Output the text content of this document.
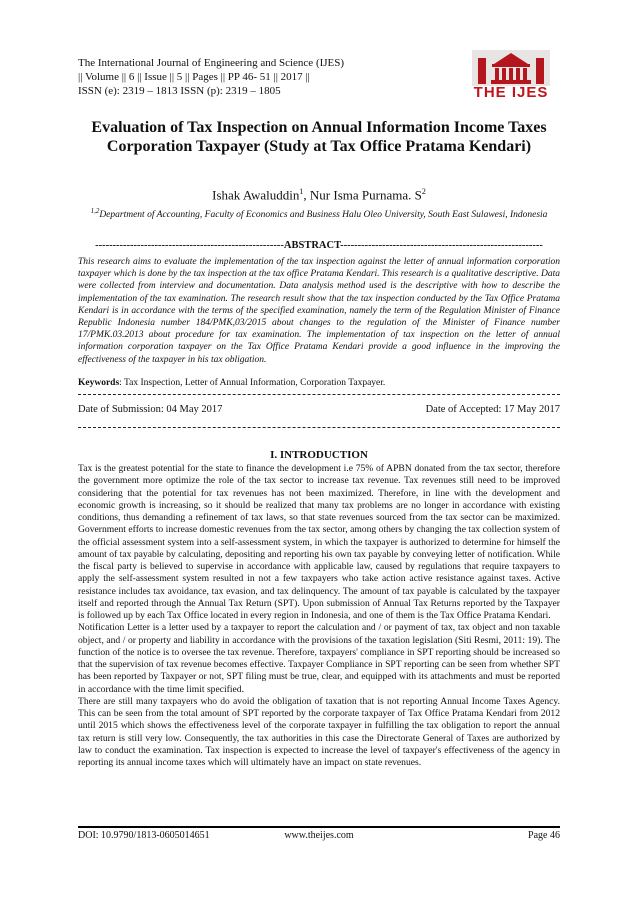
The International Journal of Engineering and Science (IJES)
|| Volume || 6 || Issue || 5 || Pages || PP 46- 51 || 2017 ||
ISSN (e): 2319 – 1813 ISSN (p): 2319 – 1805	THE IJES
Evaluation of Tax Inspection on Annual Information Income Taxes Corporation Taxpayer (Study at Tax Office Pratama Kendari)
Ishak Awaluddin$^1$, Nur Isma Purnama. $S^2$
$^{1,2}$Department of Accounting, Faculty of Economics and Business Halu Oleo University, South East Sulawesi, Indonesia
------------------------------------------------------ABSTRACT----------------------------------------------------------
This research aims to evaluate the implementation of the tax inspection against the letter of annual information corporation taxpayer which is done by the tax inspection at the tax office Pratama Kendari. This research is a qualitative descriptive. Data were collected from interview and documentation. Data analysis method used is the descriptive with how to describe the implementation of the tax examination. The research result show that the tax inspection conducted by the Tax Office Pratama Kendari is in accordance with the terms of the specified examination, namely the term of the Regulation Minister of Finance Republic Indonesia number 184/PMK,03/2015 about changes to the regulation of the Minister of Finance number 17/PMK.03.2013 about procedure for tax examination. The implementation of tax inspection on the letter of annual information corporation taxpayer on the Tax Office Pratama Kendari provide a good influence in the improving the effectiveness of the taxpayer in his tax obligation.
Keywords: Tax Inspection, Letter of Annual Information, Corporation Taxpayer.
Date of Submission: 04 May 2017	Date of Accepted: 17 May 2017
I. INTRODUCTION

Tax is the greatest potential for the state to finance the development i.e 75% of APBN donated from the tax sector, therefore the government more optimize the role of the tax sector to increase tax revenue. Tax revenues still need to be improved considering that the potential for tax revenues has not been maximized. Therefore, in line with the development and economic growth is increasing, so it should be realized that many tax problems are no longer in accordance with existing conditions, thus demanding a refinement of tax laws, so that state revenues sourced from the tax sector can be maximized. Government efforts to increase domestic revenues from the tax sector, among others by changing the tax collection system of the official assessment system into a self-assessment system, in which the taxpayer is authorized to determine for himself the amount of tax payable by calculating, depositing and reporting his own tax payable by conveying letter of notification. While the fiscal party is believed to supervise in accordance with applicable law, caused by regulations that require taxpayers to apply the self-assessment system resulted in not a few taxpayers who take action active resistance against taxes. Active resistance includes tax avoidance, tax evasion, and tax delinquency. The amount of tax payable is calculated by the taxpayer itself and reported through the Annual Tax Return (SPT). Upon submission of Annual Tax Returns reported by the Taxpayer is followed up by each Tax Office located in every region in Indonesia, and one of them is the Tax Office Pratama Kendari.

Notification Letter is a letter used by a taxpayer to report the calculation and / or payment of tax, tax object and non taxable object, and / or property and liability in accordance with the provisions of the taxation legislation (Siti Resmi, 2011: 19). The function of the notice is to oversee the tax revenue. Therefore, taxpayers' compliance in SPT reporting should be increased so that the supervision of tax revenue becomes effective. Taxpayer Compliance in SPT reporting can be seen from whether SPT has been reported by Taxpayer or not, SPT filing must be true, clear, and equipped with its attachments and must be reported in accordance with the time limit specified.

There are still many taxpayers who do avoid the obligation of taxation that is not reporting Annual Income Taxes Agency. This can be seen from the total amount of SPT reported by the corporate taxpayer of Tax Office Pratama Kendari from 2012 until 2015 which shows the effectiveness level of the corporate taxpayer in fulfilling the tax obligation to report the annual tax return is still very low. Consequently, the tax authorities in this case the Directorate General of Taxes are authorized by law to conduct the examination. Tax inspection is expected to increase the level of taxpayer's effectiveness of the agency in reporting its annual income taxes which will ultimately have an impact on state revenues.

DOI: 10.9790/1813-0605014651	www.theijes.com	Page 46
